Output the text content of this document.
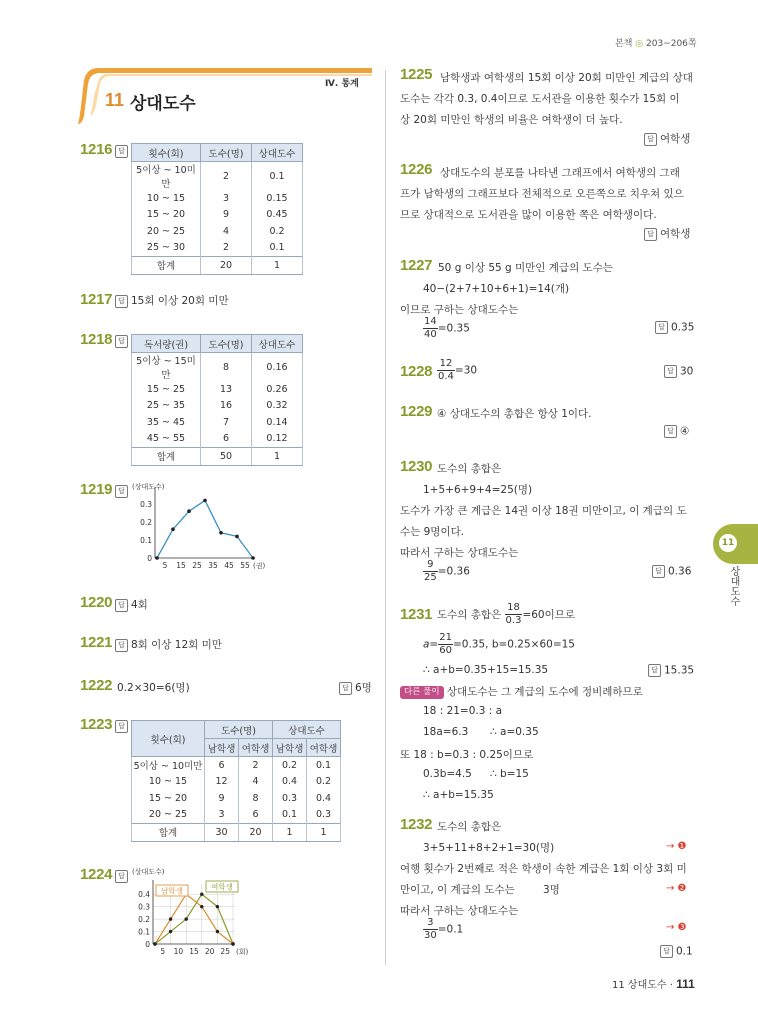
본책 ◎ 203~206쪽
Ⅳ. 통계
11 상대도수
11
상대도수
1216 답	횟수(회)	도수(명)	상대도수
5이상 ~ 10미만	2	0.1
10 ~ 15	3	0.15
15 ~ 20	9	0.45
20 ~ 25	4	0.2
25 ~ 30	2	0.1
합계	20	1
1217 답 15회 이상 20회 미만
1218 답	독서량(권)	도수(명)	상대도수
5이상 ~ 15미만	8	0.16
15 ~ 25	13	0.26
25 ~ 35	16	0.32
35 ~ 45	7	0.14
45 ~ 55	6	0.12
합계	50	1
1219 답	(상대도수)
0.3
0.2
0.1
0
5 15 25 35 45 55 (권)
1220 답 4회
1221 답 8회 이상 12회 미만
1222 0.2×30=6(명)	답 6명
1223 답
횟수(회)	도수(명)		상대도수	
	남학생	여학생	남학생	여학생
5이상 ~ 10미만	6	2	0.2	0.1
10 ~ 15	12	4	0.4	0.2
15 ~ 20	9	8	0.3	0.4
20 ~ 25	3	6	0.1	0.3
합계	30	20	1	1
1224 답	(상대도수)
0.4
0.3
0.2
0.1
0
5 10 15 20 25 (회)
남학생	여학생
1225 남학생과 여학생의 15회 이상 20회 미만인 계급의 상대
도수는 각각 0.3, 0.4이므로 도서관을 이용한 횟수가 15회 이
상 20회 미만인 학생의 비율은 여학생이 더 높다.
답 여학생
1226 상대도수의 분포를 나타낸 그래프에서 여학생의 그래
프가 남학생의 그래프보다 전체적으로 오른쪽으로 치우쳐 있으
므로 상대적으로 도서관을 많이 이용한 쪽은 여학생이다.
답 여학생
1227 50 g 이상 55 g 미만인 계급의 도수는
40−(2+7+10+6+1)=14(개)
이므로 구하는 상대도수는
$\frac{14}{40} =0.35$	답 0.35
$1228 \frac{12}{0.4} =30$	답 30
1229 ④ 상대도수의 총합은 항상 1이다.
답 ④
1230 도수의 총합은
1+5+6+9+4=25(명)
도수가 가장 큰 계급은 14권 이상 18권 미만이고, 이 계급의 도
수는 9명이다.
따라서 구하는 상대도수는
$\frac{9}{25} =0.36$	답 0.36
1231 도수의 총합은 $\frac{18}{0.3} =60$이므로
$a= \frac{21}{60} =0.35$, b=0.25×60=15
∴ a+b=0.35+15=15.35	답 15.35
다른 풀이 상대도수는 그 계급의 도수에 정비례하므로
18 : 21=0.3 : a
18a=6.3 ∴ a=0.35
또 18 : b=0.3 : 0.25이므로
0.3b=4.5 ∴ b=15
∴ a+b=15.35
1232 도수의 총합은
3+5+11+8+2+1=30(명)	→ ❶
여행 횟수가 2번째로 적은 학생이 속한 계급은 1회 이상 3회 미
만이고, 이 계급의 도수는	3명	→ ❷
따라서 구하는 상대도수는
$\frac{3}{30} =0.1$	→ ❸
답 0.1
11 상대도수 · 111
